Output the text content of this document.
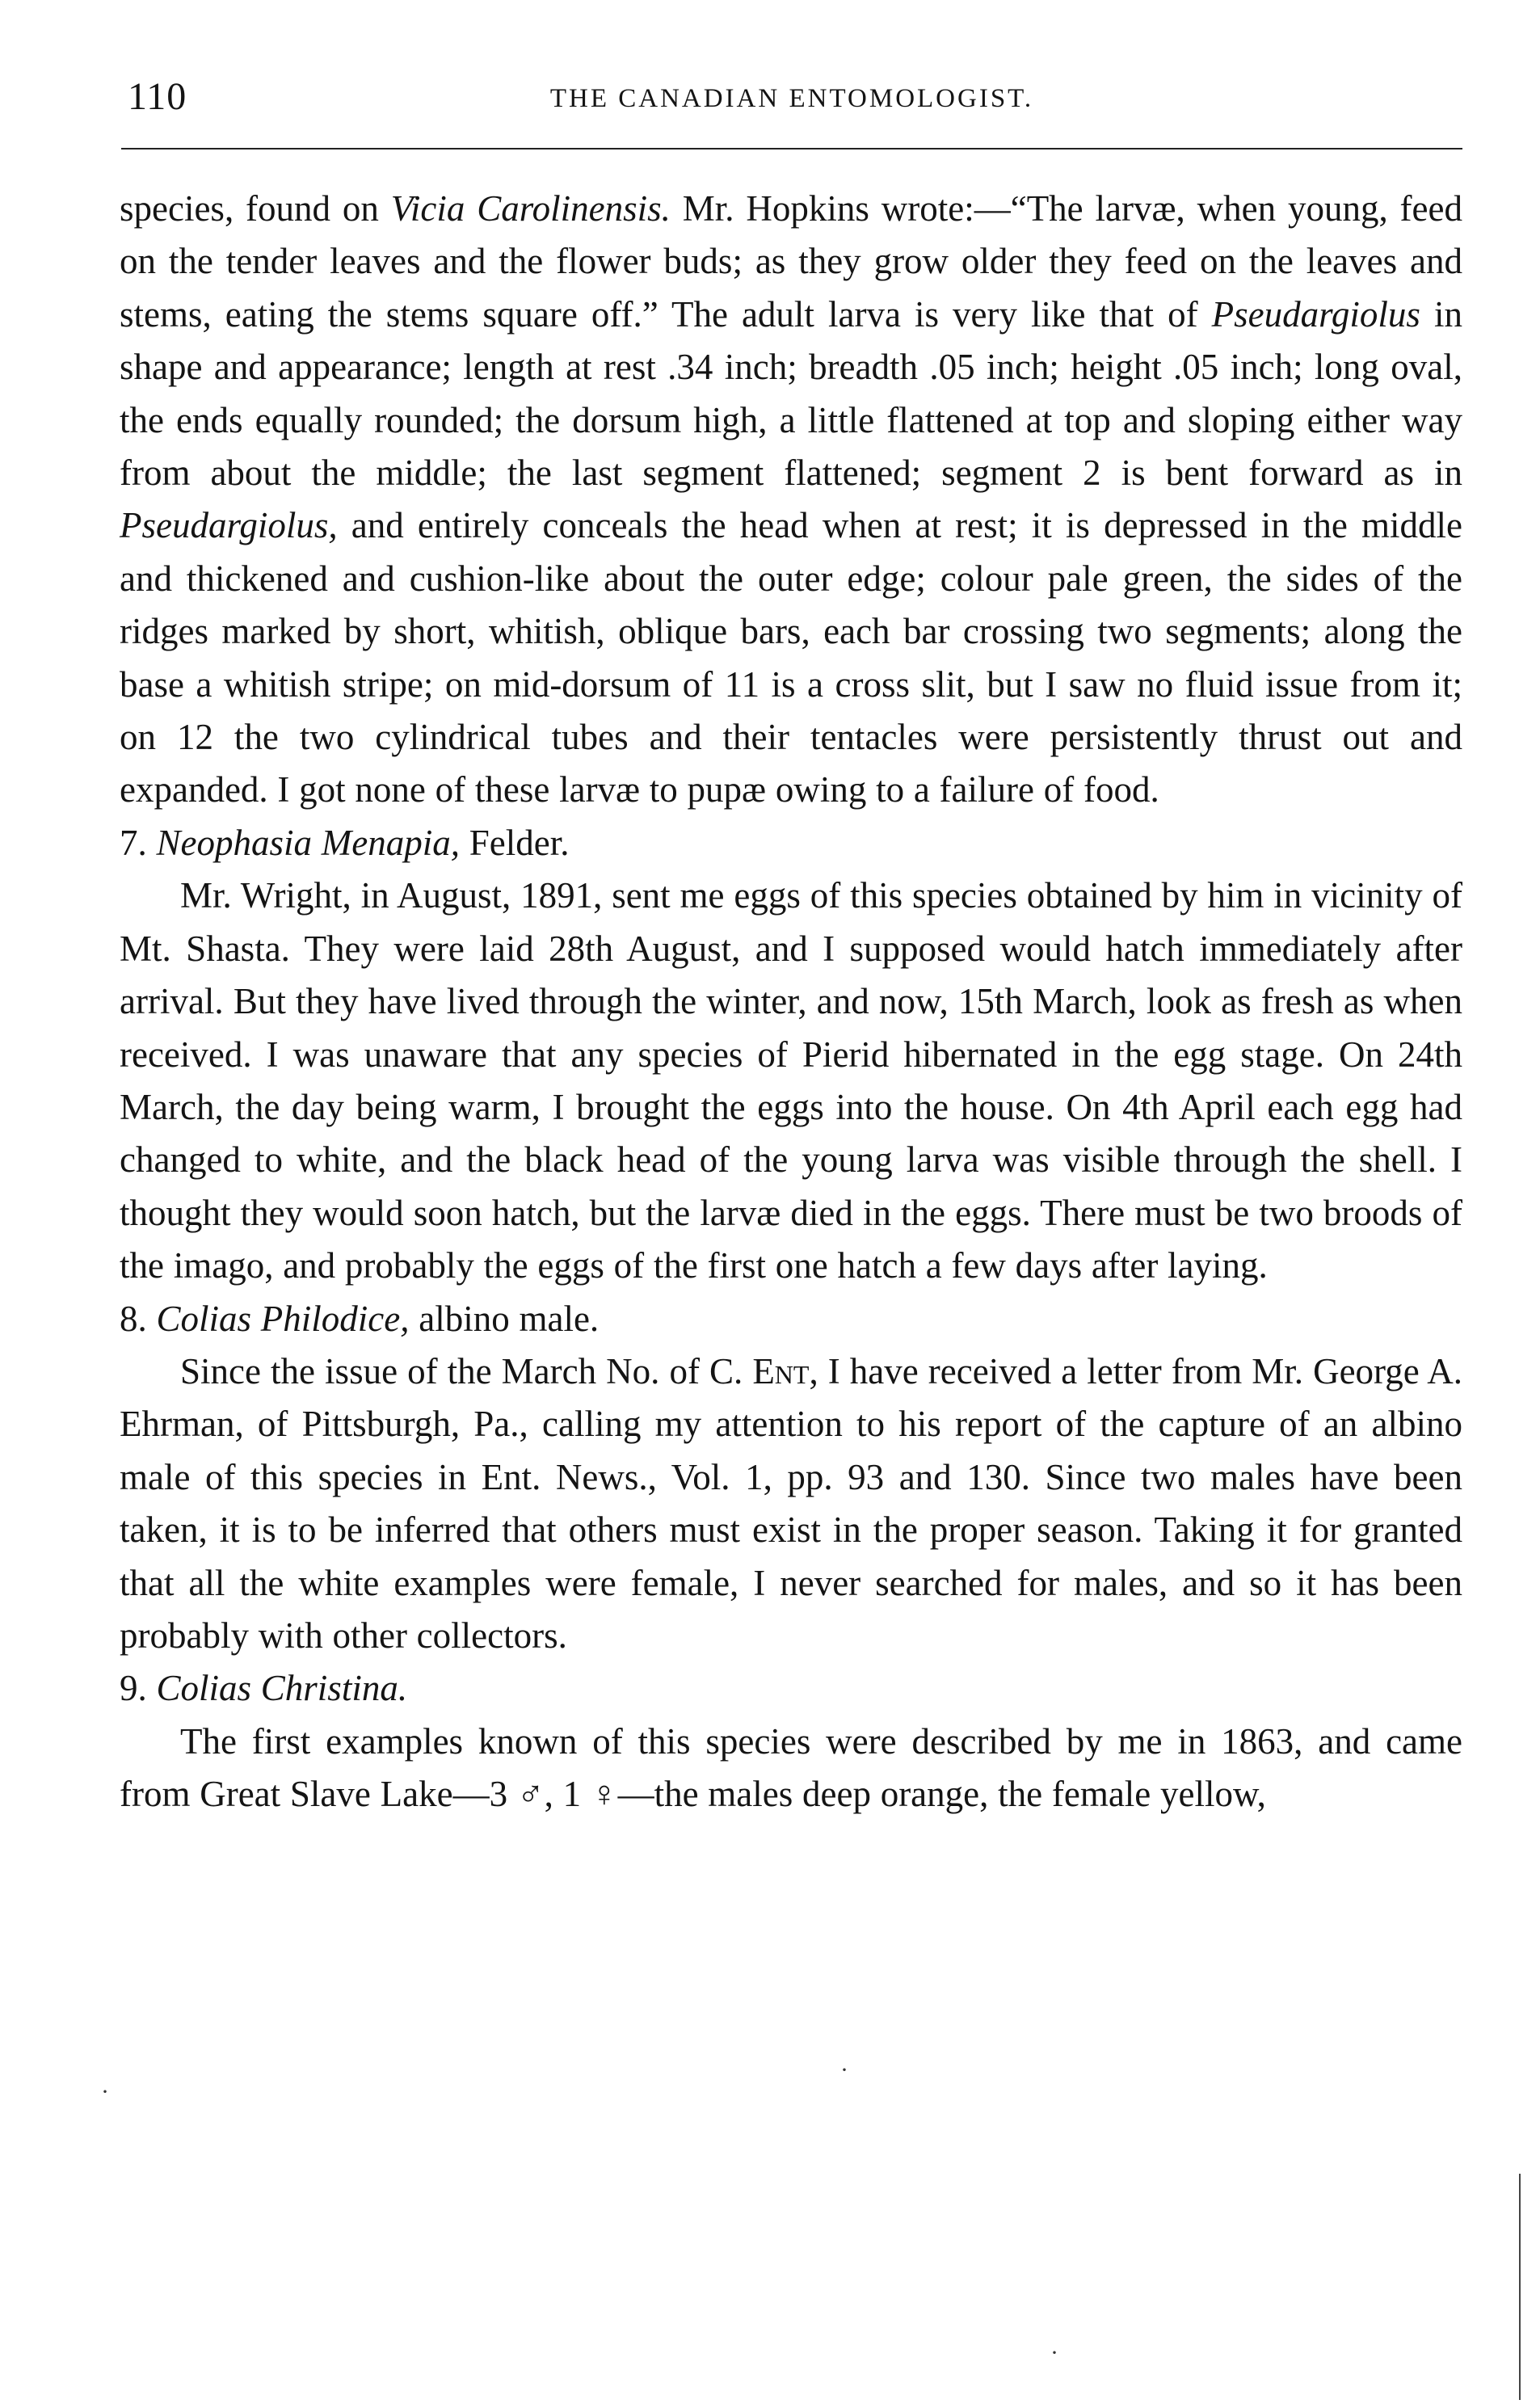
110	THE CANADIAN ENTOMOLOGIST.

species, found on Vicia Carolinensis. Mr. Hopkins wrote:—“The larvæ, when young, feed on the tender leaves and the flower buds; as they grow older they feed on the leaves and stems, eating the stems square off.” The adult larva is very like that of Pseudargiolus in shape and appearance; length at rest .34 inch; breadth .05 inch; height .05 inch; long oval, the ends equally rounded; the dorsum high, a little flattened at top and sloping either way from about the middle; the last segment flattened; segment 2 is bent forward as in Pseudargiolus, and entirely conceals the head when at rest; it is depressed in the middle and thickened and cushion-like about the outer edge; colour pale green, the sides of the ridges marked by short, whitish, oblique bars, each bar crossing two segments; along the base a whitish stripe; on mid-dorsum of 11 is a cross slit, but I saw no fluid issue from it; on 12 the two cylindrical tubes and their tentacles were persistently thrust out and expanded. I got none of these larvæ to pupæ owing to a failure of food.

7. Neophasia Menapia, Felder.

Mr. Wright, in August, 1891, sent me eggs of this species obtained by him in vicinity of Mt. Shasta. They were laid 28th August, and I supposed would hatch immediately after arrival. But they have lived through the winter, and now, 15th March, look as fresh as when received. I was unaware that any species of Pierid hibernated in the egg stage. On 24th March, the day being warm, I brought the eggs into the house. On 4th April each egg had changed to white, and the black head of the young larva was visible through the shell. I thought they would soon hatch, but the larvæ died in the eggs. There must be two broods of the imago, and probably the eggs of the first one hatch a few days after laying.

8. Colias Philodice, albino male.

Since the issue of the March No. of C. Ent, I have received a letter from Mr. George A. Ehrman, of Pittsburgh, Pa., calling my attention to his report of the capture of an albino male of this species in Ent. News., Vol. 1, pp. 93 and 130. Since two males have been taken, it is to be inferred that others must exist in the proper season. Taking it for granted that all the white examples were female, I never searched for males, and so it has been probably with other collectors.

9. Colias Christina.

The first examples known of this species were described by me in 1863, and came from Great Slave Lake—3 ♂, 1 ♀—the males deep orange, the female yellow,

·
·
·
